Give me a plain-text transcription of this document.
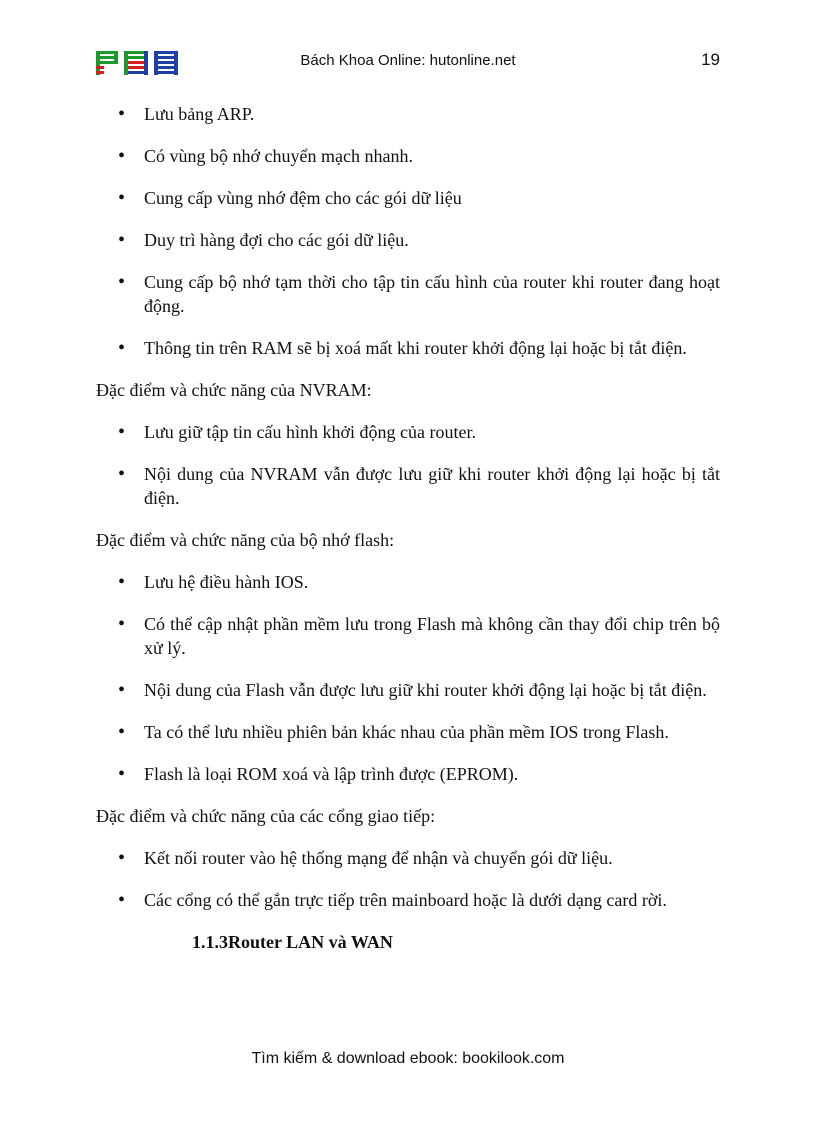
Bách Khoa Online: hutonline.net	19
• Lưu bảng ARP.
• Có vùng bộ nhớ chuyển mạch nhanh.
• Cung cấp vùng nhớ đệm cho các gói dữ liệu
• Duy trì hàng đợi cho các gói dữ liệu.
• Cung cấp bộ nhớ tạm thời cho tập tin cấu hình của router khi router đang hoạt động.
• Thông tin trên RAM sẽ bị xoá mất khi router khởi động lại hoặc bị tắt điện.

Đặc điểm và chức năng của NVRAM:

• Lưu giữ tập tin cấu hình khởi động của router.
• Nội dung của NVRAM vẫn được lưu giữ khi router khởi động lại hoặc bị tắt điện.

Đặc điểm và chức năng của bộ nhớ flash:

• Lưu hệ điều hành IOS.
• Có thể cập nhật phần mềm lưu trong Flash mà không cần thay đổi chip trên bộ xử lý.
• Nội dung của Flash vẫn được lưu giữ khi router khởi động lại hoặc bị tắt điện.
• Ta có thể lưu nhiều phiên bản khác nhau của phần mềm IOS trong Flash.
• Flash là loại ROM xoá và lập trình được (EPROM).

Đặc điểm và chức năng của các cổng giao tiếp:

• Kết nối router vào hệ thống mạng để nhận và chuyển gói dữ liệu.
• Các cổng có thể gắn trực tiếp trên mainboard hoặc là dưới dạng card rời.
1.1.3Router LAN và WAN
Tìm kiếm & download ebook: bookilook.com
